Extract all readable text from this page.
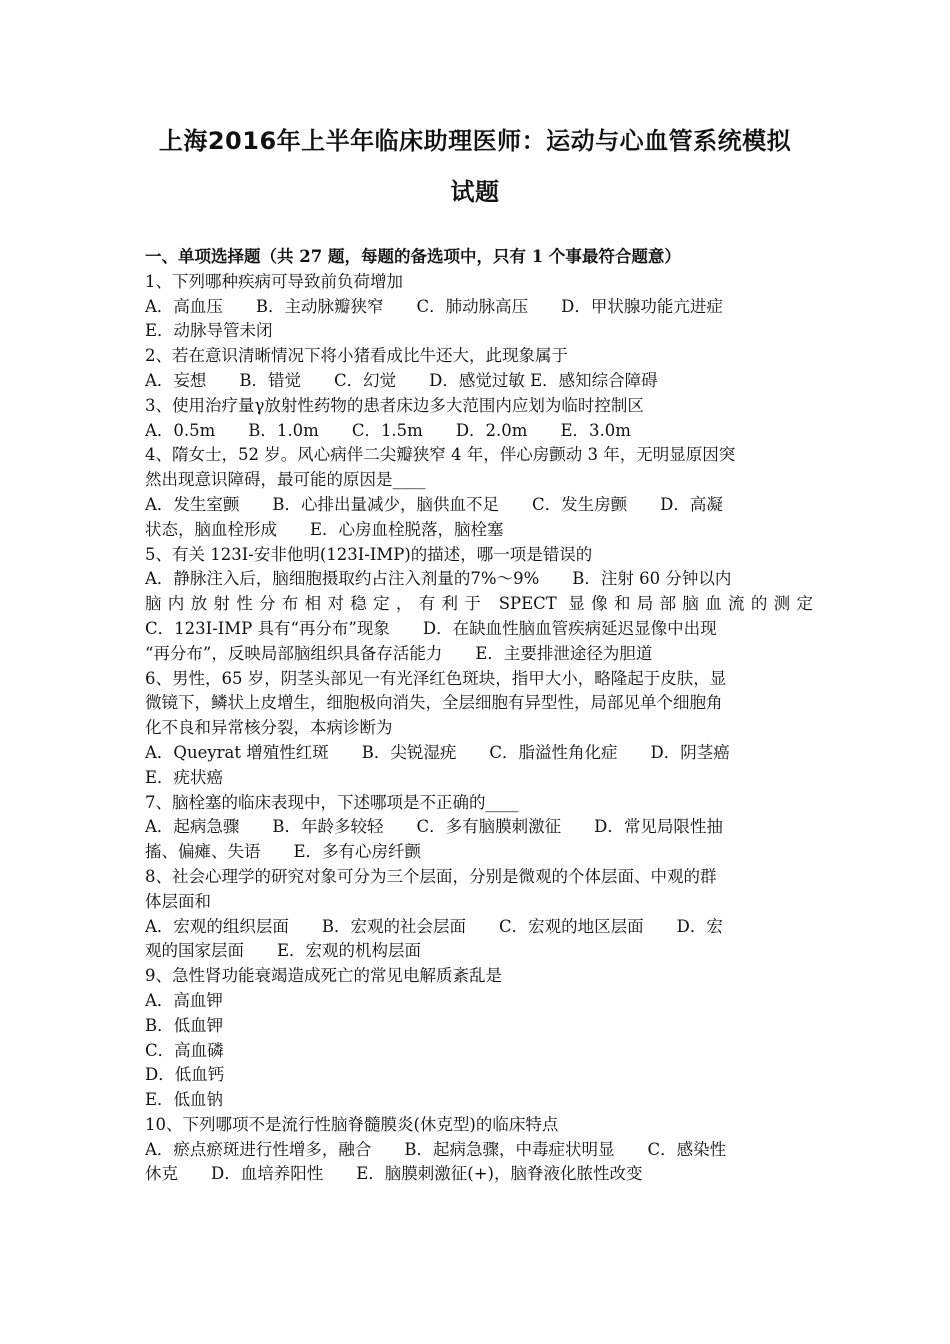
上海2016年上半年临床助理医师：运动与心血管系统模拟
试题
一、单项选择题（共 27 题，每题的备选项中，只有 1 个事最符合题意）
1、下列哪种疾病可导致前负荷增加
A．高血压　　B．主动脉瓣狭窄　　C．肺动脉高压　　D．甲状腺功能亢进症
E．动脉导管未闭
2、若在意识清晰情况下将小猪看成比牛还大，此现象属于
A．妄想　　B．错觉　　C．幻觉　　D．感觉过敏 E．感知综合障碍
3、使用治疗量γ放射性药物的患者床边多大范围内应划为临时控制区
A．0.5m　　B．1.0m　　C．1.5m　　D．2.0m　　E．3.0m
4、隋女士，52 岁。风心病伴二尖瓣狭窄 4 年，伴心房颤动 3 年，无明显原因突
然出现意识障碍，最可能的原因是____
A．发生室颤　　B．心排出量减少，脑供血不足　　C．发生房颤　　D．高凝
状态，脑血栓形成　　E．心房血栓脱落，脑栓塞
5、有关 123I-安非他明(123I-IMP)的描述，哪一项是错误的
A．静脉注入后，脑细胞摄取约占注入剂量的7%～9%　　B．注射 60 分钟以内
脑内放射性分布相对稳定，有利于 SPECT 显像和局部脑血流的测定
C．123I-IMP 具有“再分布”现象　　D．在缺血性脑血管疾病延迟显像中出现
“再分布”，反映局部脑组织具备存活能力　　E．主要排泄途径为胆道
6、男性，65 岁，阴茎头部见一有光泽红色斑块，指甲大小，略隆起于皮肤，显
微镜下，鳞状上皮增生，细胞极向消失，全层细胞有异型性，局部见单个细胞角
化不良和异常核分裂，本病诊断为
A．Queyrat 增殖性红斑　　B．尖锐湿疣　　C．脂溢性角化症　　D．阴茎癌
E．疣状癌
7、脑栓塞的临床表现中，下述哪项是不正确的____
A．起病急骤　　B．年龄多较轻　　C．多有脑膜刺激征　　D．常见局限性抽
搐、偏瘫、失语　　E．多有心房纤颤
8、社会心理学的研究对象可分为三个层面，分别是微观的个体层面、中观的群
体层面和
A．宏观的组织层面　　B．宏观的社会层面　　C．宏观的地区层面　　D．宏
观的国家层面　　E．宏观的机构层面
9、急性肾功能衰竭造成死亡的常见电解质紊乱是
A．高血钾
B．低血钾
C．高血磷
D．低血钙
E．低血钠
10、下列哪项不是流行性脑脊髓膜炎(休克型)的临床特点
A．瘀点瘀斑进行性增多，融合　　B．起病急骤，中毒症状明显　　C．感染性
休克　　D．血培养阳性　　E．脑膜刺激征(+)，脑脊液化脓性改变
